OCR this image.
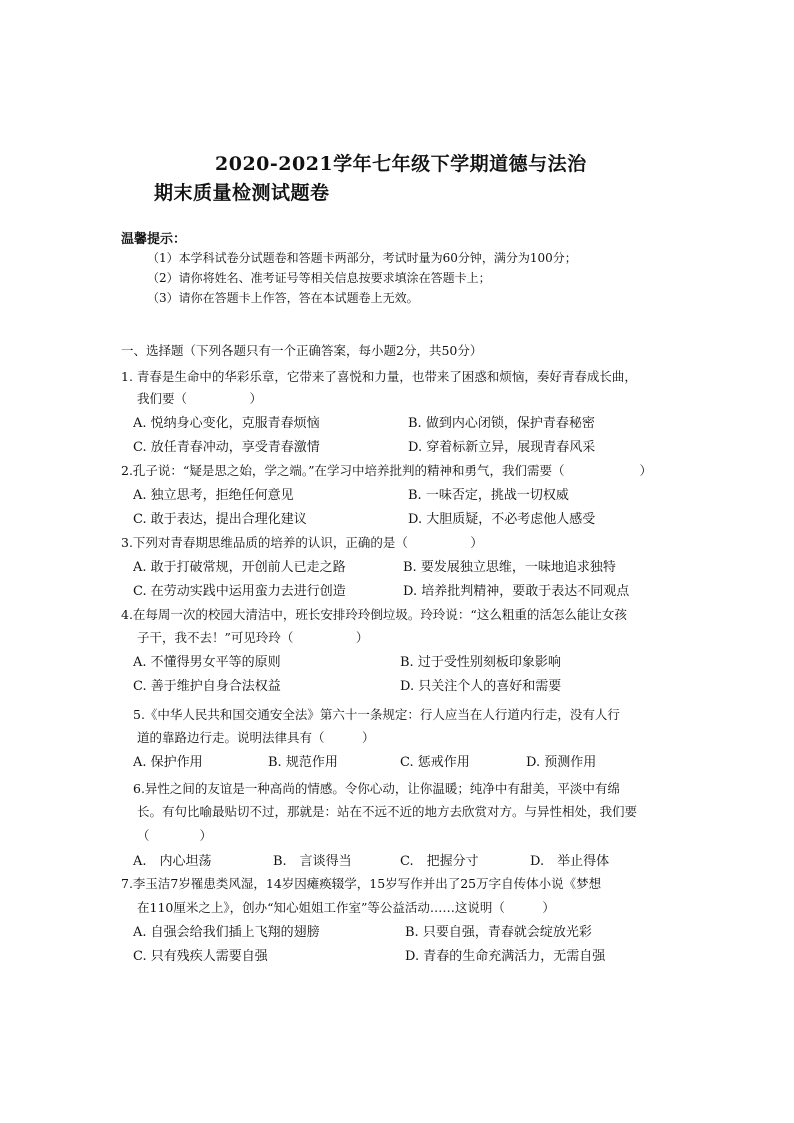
2020-2021学年七年级下学期道德与法治
期末质量检测试题卷
温馨提示：
（1）本学科试卷分试题卷和答题卡两部分，考试时量为60分钟，满分为100分；
（2）请你将姓名、准考证号等相关信息按要求填涂在答题卡上；
（3）请你在答题卡上作答，答在本试题卷上无效。
一、选择题（下列各题只有一个正确答案，每小题2分，共50分）
1. 青春是生命中的华彩乐章，它带来了喜悦和力量，也带来了困惑和烦恼，奏好青春成长曲，
我们要（　　　　　）
A. 悦纳身心变化，克服青春烦恼	B. 做到内心闭锁，保护青春秘密
C. 放任青春冲动，享受青春激情	D. 穿着标新立异，展现青春风采
2.孔子说：“疑是思之始，学之端。”在学习中培养批判的精神和勇气，我们需要（　　　　　　）
A. 独立思考，拒绝任何意见	B. 一味否定，挑战一切权威
C. 敢于表达，提出合理化建议	D. 大胆质疑，不必考虑他人感受
3.下列对青春期思维品质的培养的认识，正确的是（　　　　　）
A. 敢于打破常规，开创前人已走之路	B. 要发展独立思维，一味地追求独特
C. 在劳动实践中运用蛮力去进行创造	D. 培养批判精神，要敢于表达不同观点
4.在每周一次的校园大清洁中，班长安排玲玲倒垃圾。玲玲说：“这么粗重的活怎么能让女孩
子干，我不去！”可见玲玲（　　　　　）
A. 不懂得男女平等的原则	B. 过于受性别刻板印象影响
C. 善于维护自身合法权益	D. 只关注个人的喜好和需要
5.《中华人民共和国交通安全法》第六十一条规定：行人应当在人行道内行走，没有人行
道的靠路边行走。说明法律具有（　　　）
A. 保护作用	B. 规范作用	C. 惩戒作用	D. 预测作用
6.异性之间的友谊是一种高尚的情感。令你心动，让你温暖；纯净中有甜美，平淡中有绵
长。有句比喻最贴切不过，那就是：站在不远不近的地方去欣赏对方。与异性相处，我们要
（　　　　）
A.　内心坦荡	B.　言谈得当	C.　把握分寸	D.　举止得体
7.李玉洁7岁罹患类风湿，14岁因瘫痪辍学，15岁写作并出了25万字自传体小说《梦想
在110厘米之上》，创办“知心姐姐工作室”等公益活动……这说明（　　　）
A. 自强会给我们插上飞翔的翅膀	B. 只要自强，青春就会绽放光彩
C. 只有残疾人需要自强	D. 青春的生命充满活力，无需自强
